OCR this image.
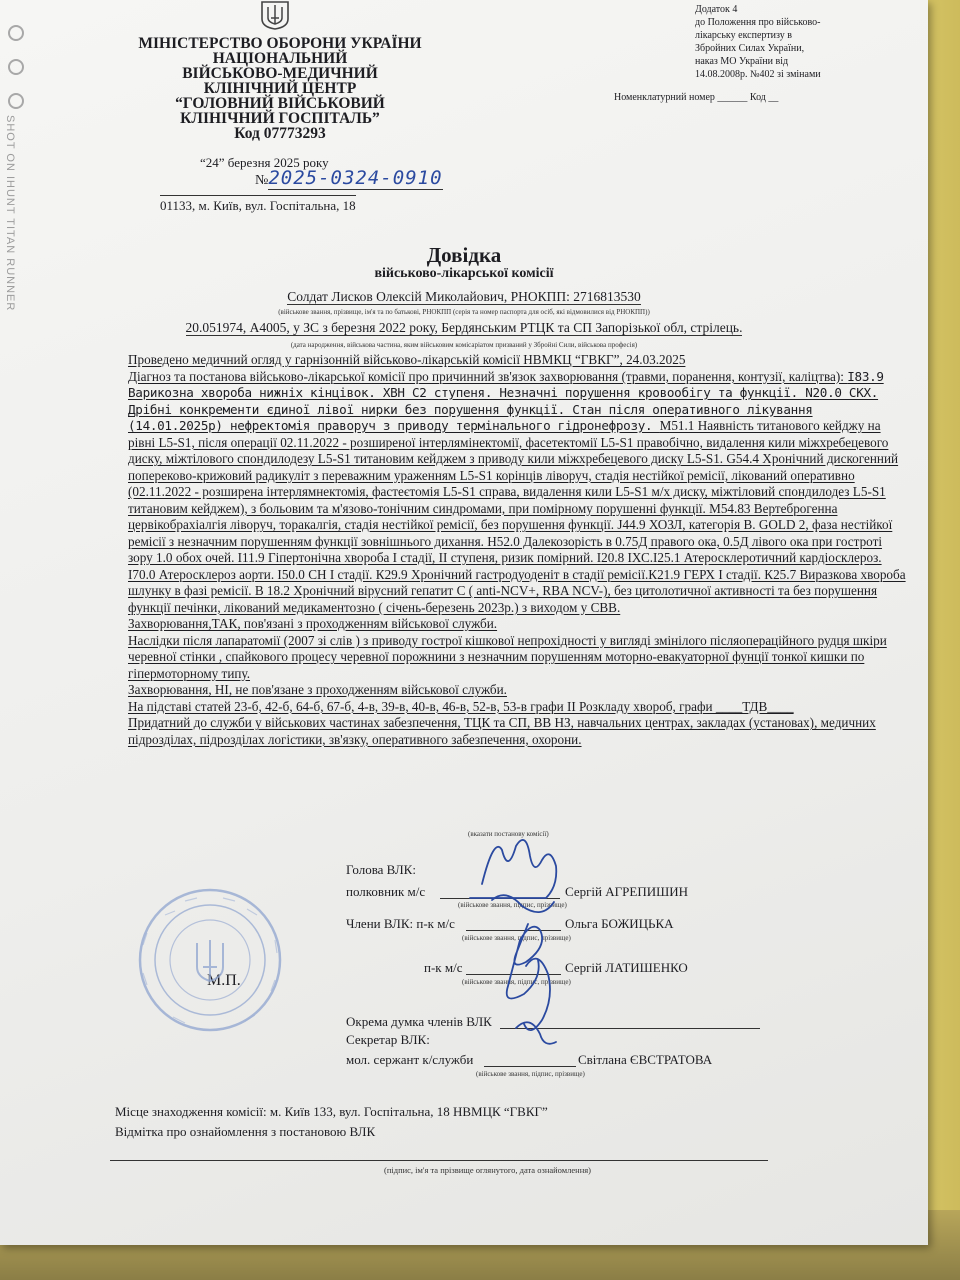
SHOT ON IHUNT TITAN RUNNER
МІНІСТЕРСТВО ОБОРОНИ УКРАЇНИ
НАЦІОНАЛЬНИЙ
ВІЙСЬКОВО-МЕДИЧНИЙ
КЛІНІЧНИЙ ЦЕНТР
“ГОЛОВНИЙ ВІЙСЬКОВИЙ
КЛІНІЧНИЙ ГОСПІТАЛЬ”
Код 07773293
Додаток 4
до Положення про військово-
лікарську експертизу в
Збройних Силах України,
наказ МО України від
14.08.2008р. №402 зі змінами
Номенклатурний номер ______ Код __
“24” березня 2025 року
№2025-0324-0910
01133, м. Київ, вул. Госпітальна, 18
Довідка
військово-лікарської комісії
Солдат Лисков Олексій Миколайович, РНОКПП: 2716813530
(військове звання, прізвище, ім'я та по батькові, РНОКПП (серія та номер паспорта для осіб, які відмовилися від РНОКПП))
20.051974, А4005, у ЗС з березня 2022 року, Бердянським РТЦК та СП Запорізької обл, стрілець.
(дата народження, військова частина, яким військовим комісаріатом призваний у Збройні Сили, військова професія)

Проведено медичний огляд у гарнізонній військово-лікарській комісії НВМКЦ “ГВКГ”, 24.03.2025

Діагноз та постанова військово-лікарської комісії про причинний зв'язок захворювання (травми, поранення, контузії, каліцтва): І83.9 Варикозна хвороба нижніх кінцівок. ХВН С2 ступеня. Незначні порушення кровообігу та функції. N20.0 СКХ. Дрібні конкременти єдиної лівої нирки без порушення функції. Стан після оперативного лікування (14.01.2025р) нефректомія праворуч з приводу термінального гідронефрозу. М51.1 Наявність титанового кейджу на рівні L5-S1, після операції 02.11.2022 - розширеної інтерлямінектомії, фасетектомії L5-S1 правобічно, видалення кили міжхребецевого диску, міжтілового спондилодезу L5-S1 титановим кейджем з приводу кили міжхребецевого диску L5-S1. G54.4 Хронічний дискогенний попереково-крижовий радикуліт з переважним ураженням L5-S1 корінців ліворуч, стадія нестійкої ремісії, лікований оперативно (02.11.2022 - розширена інтерлямнектомія, фастеєтомія L5-S1 справа, видалення кили L5-S1 м/х диску, міжтіловий спондилодез L5-S1 титановим кейджем), з больовим та м'язово-тонічним синдромами, при помірному порушенні функції. М54.83 Вертеброгенна цервікобрахіалгія ліворуч, торакалгія, стадія нестійкої ремісії, без порушення функції. J44.9 ХОЗЛ, категорія В. GOLD 2, фаза нестійкої ремісії з незначним порушенням функції зовнішнього дихання. Н52.0 Далекозорість в 0.75Д правого ока, 0.5Д лівого ока при гостроті зору 1.0 обох очей. І11.9 Гіпертонічна хвороба І стадії, ІІ ступеня, ризик помірний. І20.8 ІХС.І25.1 Атеросклеротичний кардіосклероз. І70.0 Атеросклероз аорти. І50.0 СН І стадії. К29.9 Хронічний гастродуоденіт в стадії ремісії.К21.9 ГЕРХ І стадії. К25.7 Виразкова хвороба шлунку в фазі ремісії. В 18.2 Хронічний вірусний гепатит С ( anti-NCV+, RBA NCV-), без цитолотичної активності та без порушення функції печінки, лікований медикаментозно ( січень-березень 2023р.) з виходом у СВВ.

Захворювання,ТАК, пов'язані з проходженням військової служби.

Наслідки після лапаратомії (2007 зі слів ) з приводу гострої кішкової непрохідності у вигляді змінілого післяопераційного рудця шкіри черевної стінки , спайкового процесу черевної порожнини з незначним порушенням моторно-евакуаторної фунції тонкої кишки по гіпермоторному типу.

Захворювання, НІ, не пов'язане з проходженням військової служби.

На підставі статей 23-б, 42-б, 64-б, 67-б, 4-в, 39-в, 40-в, 46-в, 52-в, 53-в графи ІІ Розкладу хвороб, графи ____ТДВ____

Придатний до служби у військових частинах забезпечення, ТЦК та СП, ВВ НЗ, навчальних центрах, закладах (установах), медичних підрозділах, підрозділах логістики, зв'язку, оперативного забезпечення, охорони.

(вказати постанову комісії)
Голова ВЛК:
полковник м/с	Сергій АГРЕПИШИН
(військове звання, підпис, прізвище)
Члени ВЛК: п-к м/с	Ольга БОЖИЦЬКА
(військове звання, підпис, прізвище)
п-к м/с	Сергій ЛАТИШЕНКО
(військове звання, підпис, прізвище)
М.П.
Окрема думка членів ВЛК
Секретар ВЛК:
мол. сержант к/служби	Світлана ЄВСТРАТОВА
(військове звання, підпис, прізвище)
Місце знаходження комісії: м. Київ 133, вул. Госпітальна, 18 НВМЦК “ГВКГ”
Відмітка про ознайомлення з постановою ВЛК
(підпис, ім'я та прізвище оглянутого, дата ознайомлення)
